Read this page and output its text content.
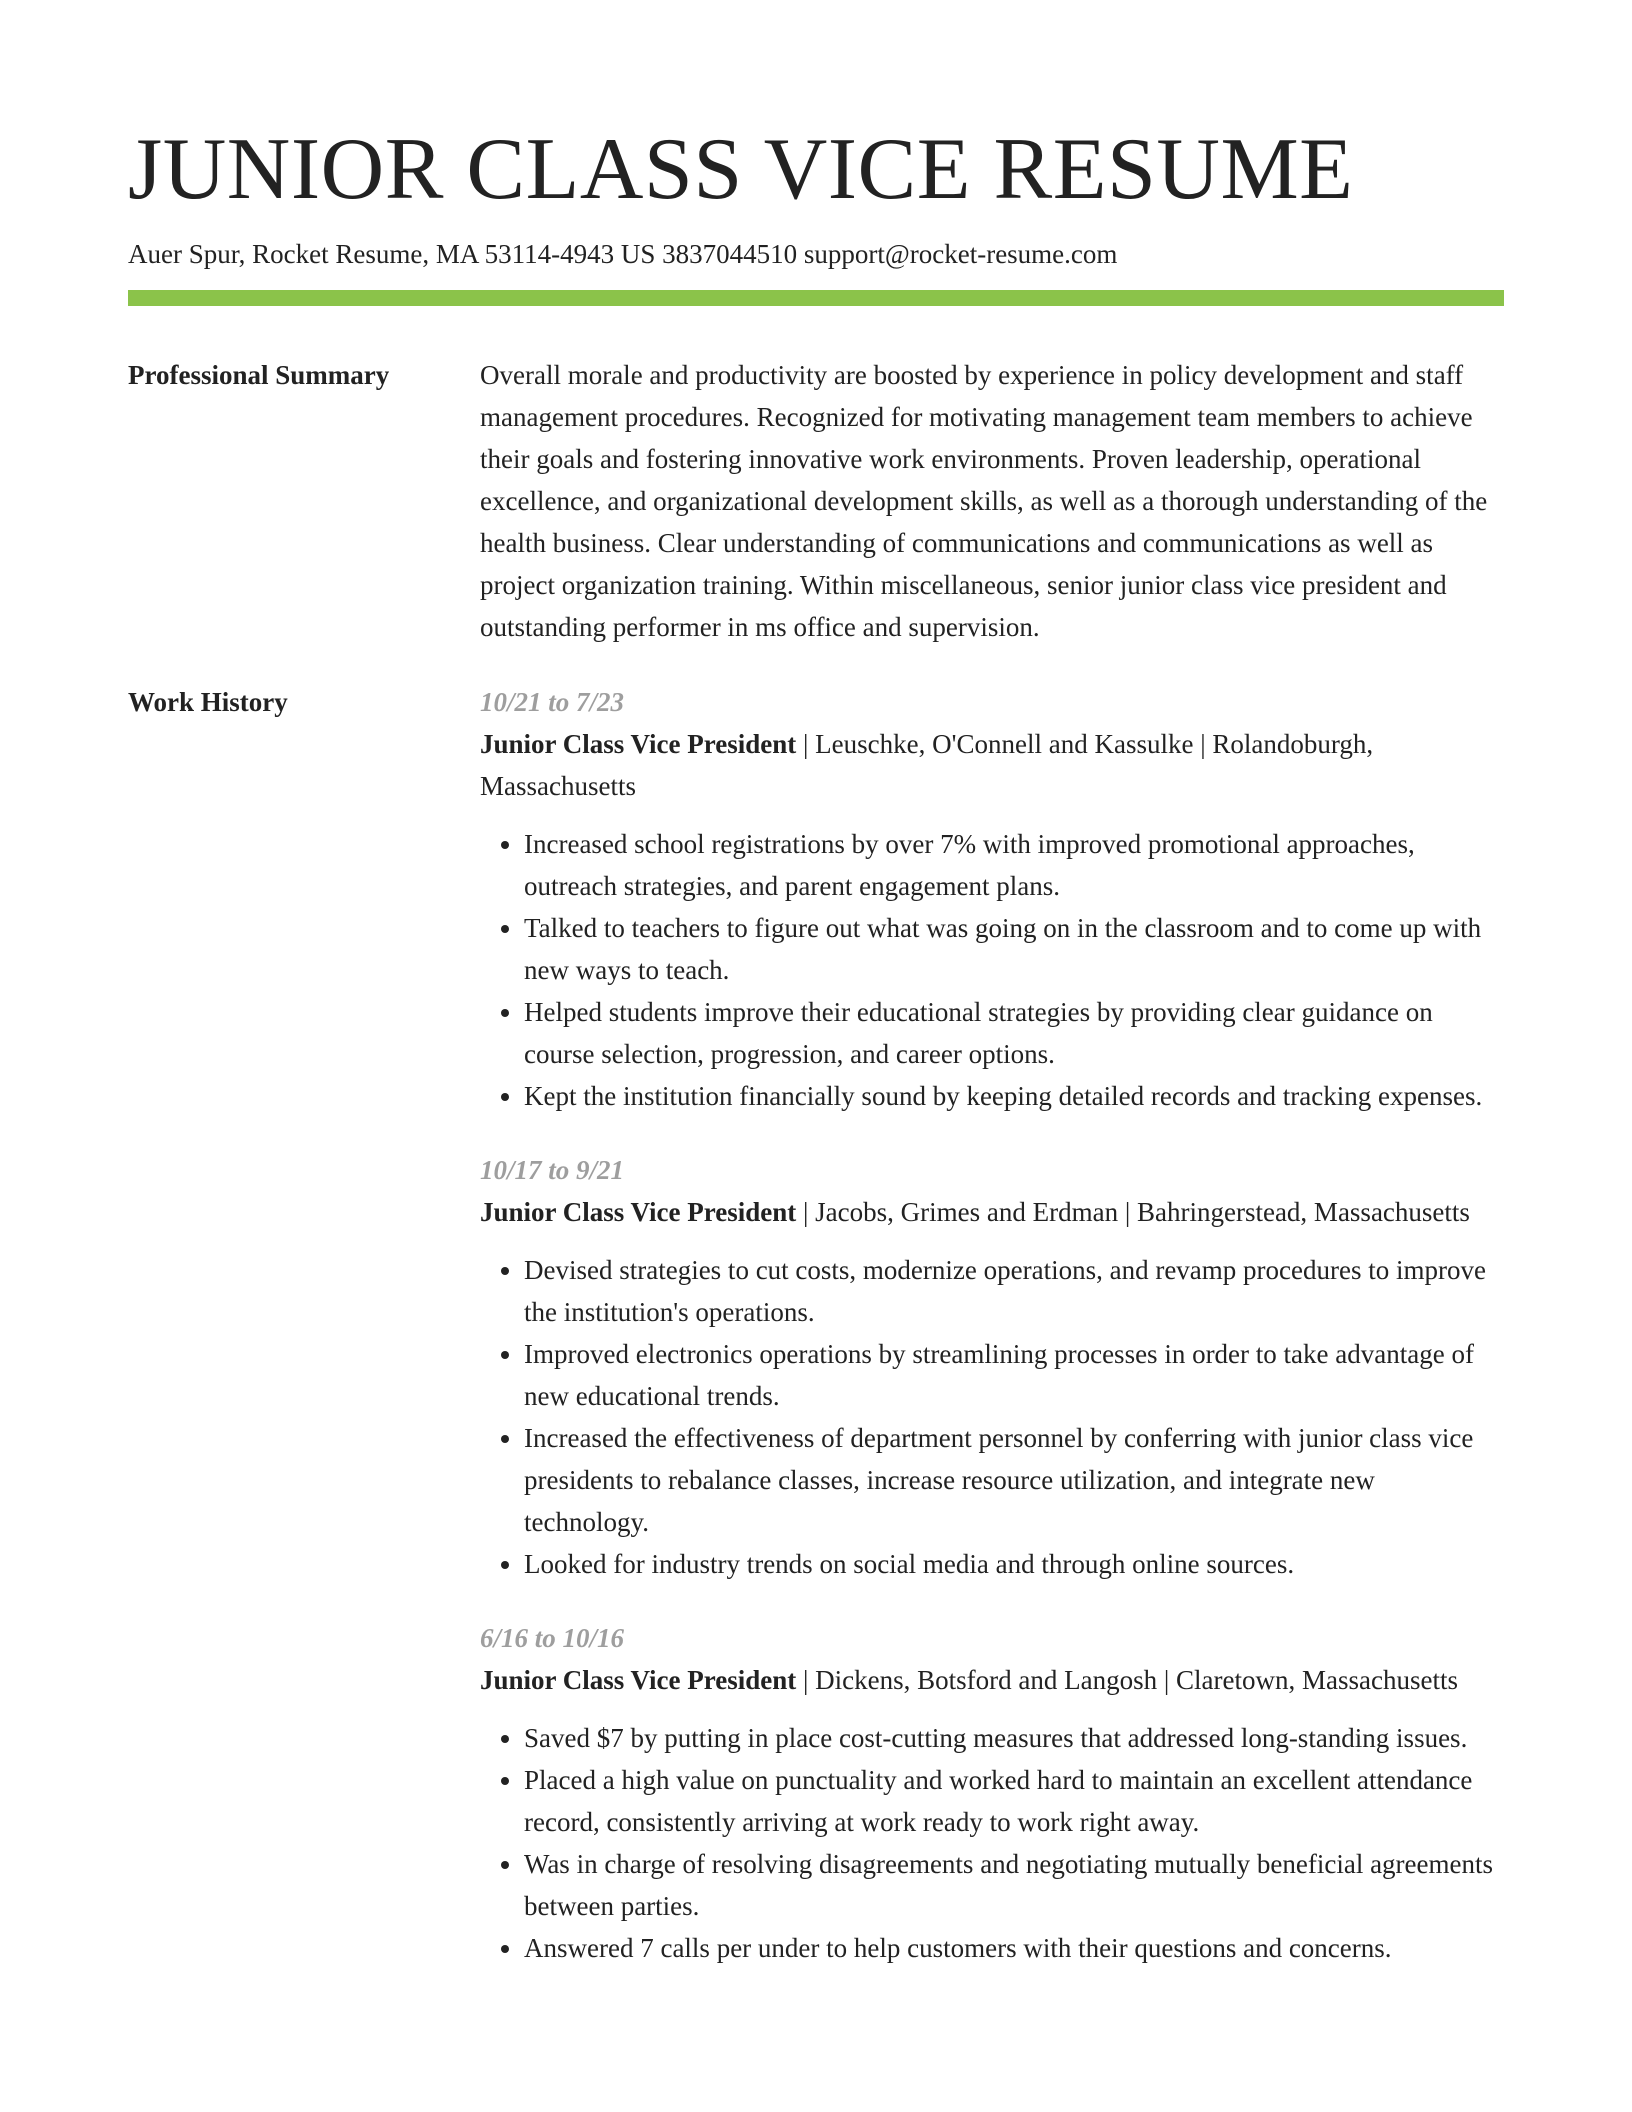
JUNIOR CLASS VICE RESUME
Auer Spur, Rocket Resume, MA 53114-4943 US 3837044510 support@rocket-resume.com
Professional Summary	Overall morale and productivity are boosted by experience in policy development and staff management procedures. Recognized for motivating management team members to achieve their goals and fostering innovative work environments. Proven leadership, operational excellence, and organizational development skills, as well as a thorough understanding of the health business. Clear understanding of communications and communications as well as project organization training. Within miscellaneous, senior junior class vice president and outstanding performer in ms office and supervision.

Work History	10/21 to 7/23
Junior Class Vice President | Leuschke, O'Connell and Kassulke | Rolandoburgh, Massachusetts
• Increased school registrations by over 7% with improved promotional approaches, outreach strategies, and parent engagement plans.
• Talked to teachers to figure out what was going on in the classroom and to come up with new ways to teach.
• Helped students improve their educational strategies by providing clear guidance on course selection, progression, and career options.
• Kept the institution financially sound by keeping detailed records and tracking expenses.
10/17 to 9/21
Junior Class Vice President | Jacobs, Grimes and Erdman | Bahringerstead, Massachusetts
• Devised strategies to cut costs, modernize operations, and revamp procedures to improve the institution's operations.
• Improved electronics operations by streamlining processes in order to take advantage of new educational trends.
• Increased the effectiveness of department personnel by conferring with junior class vice presidents to rebalance classes, increase resource utilization, and integrate new technology.
• Looked for industry trends on social media and through online sources.
6/16 to 10/16
Junior Class Vice President | Dickens, Botsford and Langosh | Claretown, Massachusetts
• Saved $7 by putting in place cost-cutting measures that addressed long-standing issues.
• Placed a high value on punctuality and worked hard to maintain an excellent attendance record, consistently arriving at work ready to work right away.
• Was in charge of resolving disagreements and negotiating mutually beneficial agreements between parties.
• Answered 7 calls per under to help customers with their questions and concerns.
